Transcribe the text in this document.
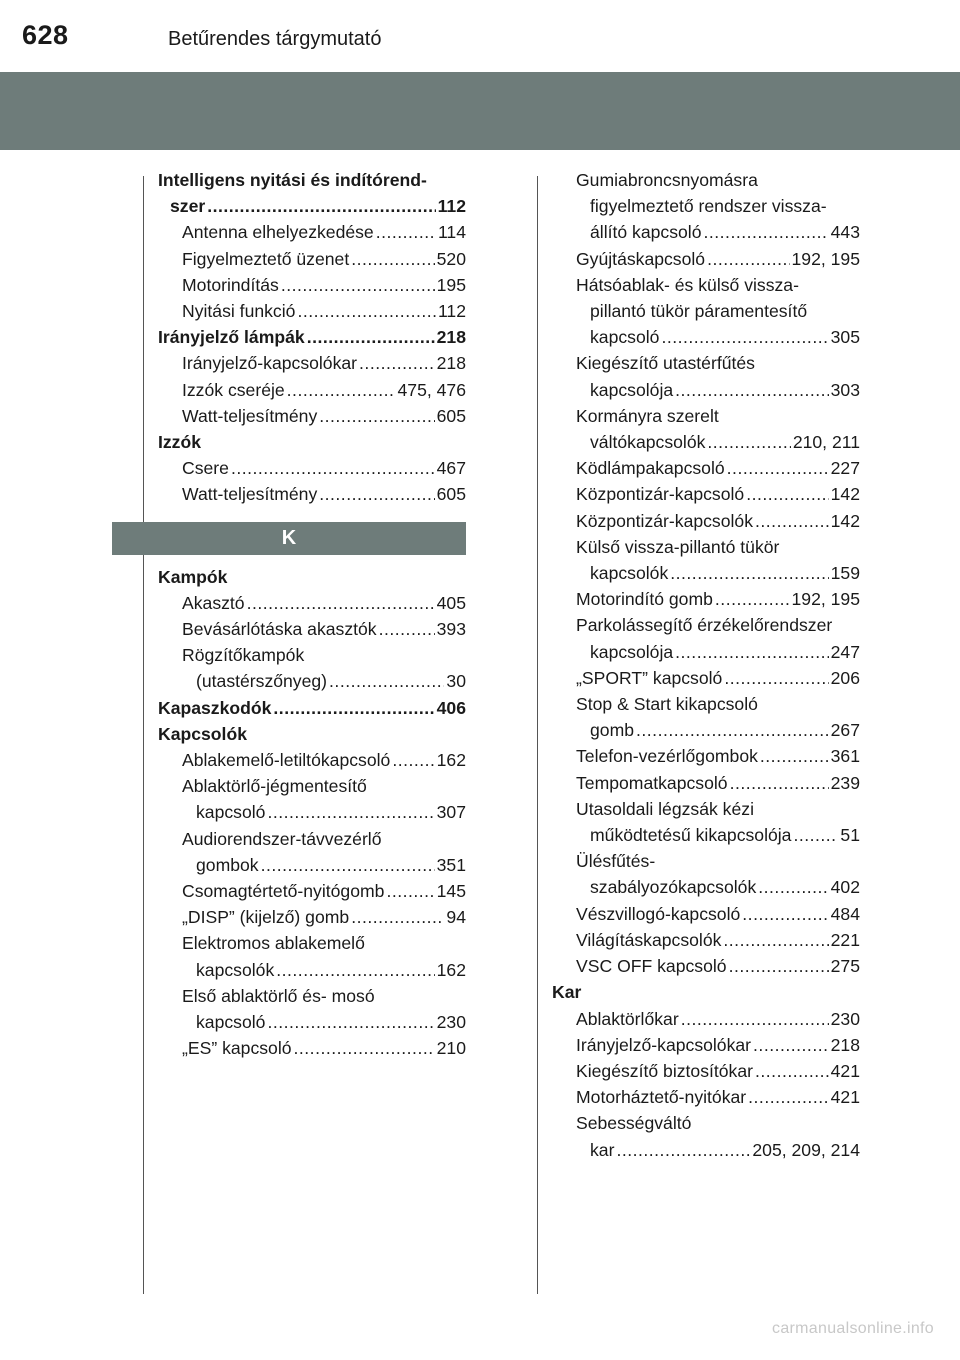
628	Betűrendes tárgymutató
Intelligens nyitási és indítórend-
szer .....	112
Antenna elhelyezkedése .....	114
Figyelmeztető üzenet .....	520
Motorindítás .....	195
Nyitási funkció .....	112
Irányjelző lámpák .....	218
Irányjelző-kapcsolókar .....	218
Izzók cseréje .....	475, 476
Watt-teljesítmény .....	605
Izzók
Csere .....	467
Watt-teljesítmény .....	605
K
Kampók
Akasztó .....	405
Bevásárlótáska akasztók .....	393
Rögzítőkampók
(utastérszőnyeg) .....	30
Kapaszkodók .....	406
Kapcsolók
Ablakemelő-letiltókapcsoló .....	162
Ablaktörlő-jégmentesítő
kapcsoló .....	307
Audiorendszer-távvezérlő
gombok .....	351
Csomagtértető-nyitógomb .....	145
„DISP” (kijelző) gomb .....	94
Elektromos ablakemelő
kapcsolók .....	162
Első ablaktörlő és- mosó
kapcsoló .....	230
„ES” kapcsoló .....	210
Gumiabroncsnyomásra
figyelmeztető rendszer vissza-
állító kapcsoló .....	443
Gyújtáskapcsoló .....	192, 195
Hátsóablak- és külső vissza-
pillantó tükör páramentesítő
kapcsoló .....	305
Kiegészítő utastérfűtés
kapcsolója .....	303
Kormányra szerelt
váltókapcsolók .....	210, 211
Ködlámpakapcsoló .....	227
Központizár-kapcsoló .....	142
Központizár-kapcsolók .....	142
Külső vissza-pillantó tükör
kapcsolók .....	159
Motorindító gomb .....	192, 195
Parkolássegítő érzékelőrendszer
kapcsolója .....	247
„SPORT” kapcsoló .....	206
Stop & Start kikapcsoló
gomb .....	267
Telefon-vezérlőgombok .....	361
Tempomatkapcsoló .....	239
Utasoldali légzsák kézi
működtetésű kikapcsolója .....	51
Ülésfűtés-
szabályozókapcsolók .....	402
Vészvillogó-kapcsoló .....	484
Világításkapcsolók .....	221
VSC OFF kapcsoló .....	275
Kar
Ablaktörlőkar .....	230
Irányjelző-kapcsolókar .....	218
Kiegészítő biztosítókar .....	421
Motorháztető-nyitókar .....	421
Sebességváltó
kar .....	205, 209, 214
carmanualsonline.info
